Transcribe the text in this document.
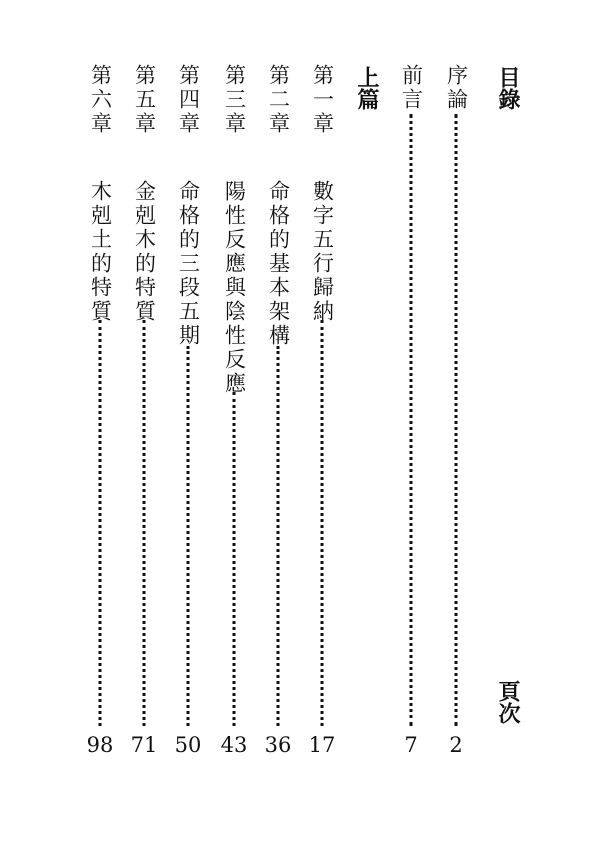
目錄
頁次
序論
2
前言
7
上篇
第一章
數字五行歸納
17
第二章
命格的基本架構
36
第三章
陽性反應與陰性反應
43
第四章
命格的三段五期
50
第五章
金剋木的特質
71
第六章
木剋土的特質
98
